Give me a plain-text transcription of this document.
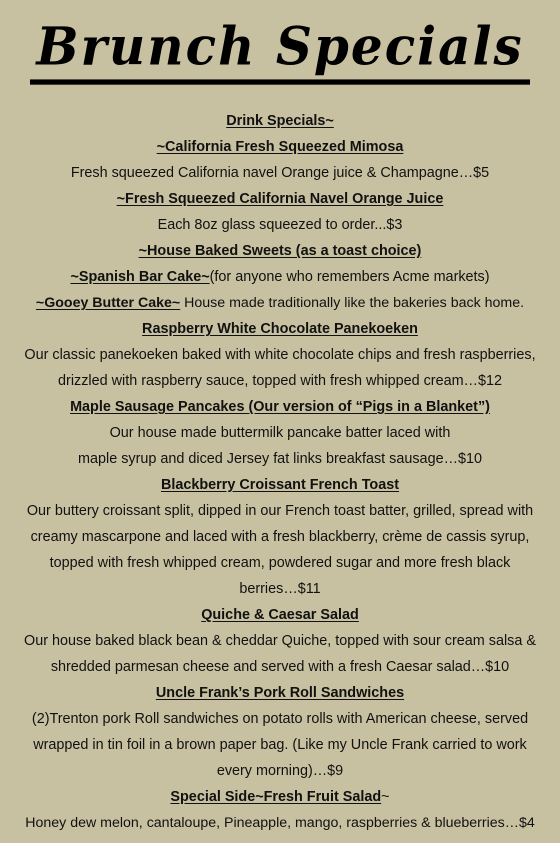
Brunch Specials
Drink Specials~
~California Fresh Squeezed Mimosa
Fresh squeezed California navel Orange juice & Champagne…$5
~Fresh Squeezed California Navel Orange Juice
Each 8oz glass squeezed to order...$3
~House Baked Sweets (as a toast choice)
~Spanish Bar Cake~(for anyone who remembers Acme markets)
~Gooey Butter Cake~ House made traditionally like the bakeries back home.
Raspberry White Chocolate Panekoeken
Our classic panekoeken baked with white chocolate chips and fresh raspberries,
drizzled with raspberry sauce, topped with fresh whipped cream…$12
Maple Sausage Pancakes (Our version of “Pigs in a Blanket”)
Our house made buttermilk pancake batter laced with
maple syrup and diced Jersey fat links breakfast sausage…$10
Blackberry Croissant French Toast
Our buttery croissant split, dipped in our French toast batter, grilled, spread with
creamy mascarpone and laced with a fresh blackberry, crème de cassis syrup,
topped with fresh whipped cream, powdered sugar and more fresh black
berries…$11
Quiche & Caesar Salad
Our house baked black bean & cheddar Quiche, topped with sour cream salsa &
shredded parmesan cheese and served with a fresh Caesar salad…$10
Uncle Frank’s Pork Roll Sandwiches
(2)Trenton pork Roll sandwiches on potato rolls with American cheese, served
wrapped in tin foil in a brown paper bag. (Like my Uncle Frank carried to work
every morning)…$9
Special Side~Fresh Fruit Salad~
Honey dew melon, cantaloupe, Pineapple, mango, raspberries & blueberries…$4
